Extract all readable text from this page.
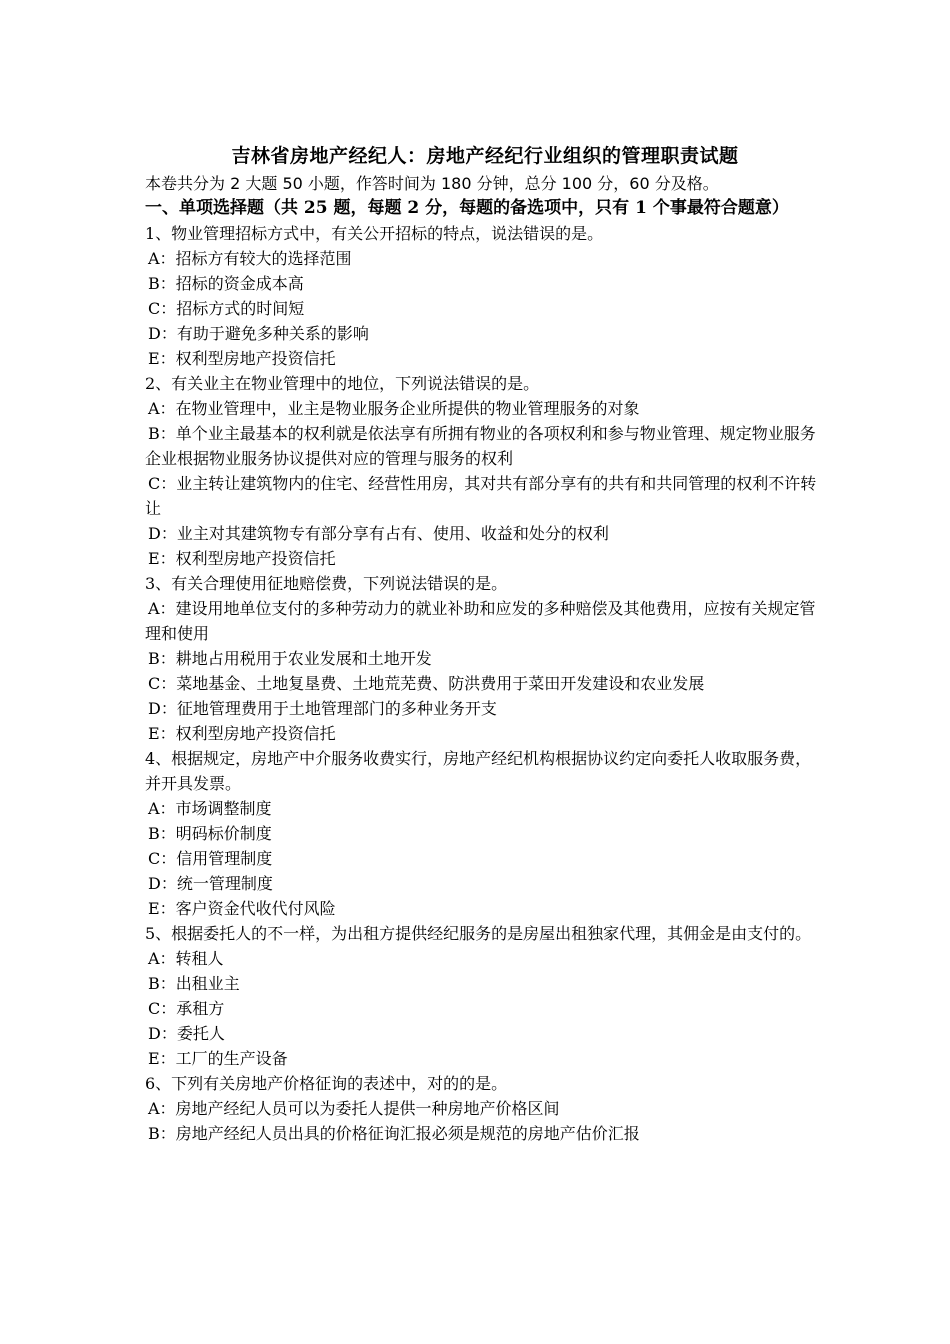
吉林省房地产经纪人：房地产经纪行业组织的管理职责试题
本卷共分为 2 大题 50 小题，作答时间为 180 分钟，总分 100 分，60 分及格。
一、单项选择题（共 25 题，每题 2 分，每题的备选项中，只有 1 个事最符合题意）
1、物业管理招标方式中，有关公开招标的特点，说法错误的是。
A：招标方有较大的选择范围
B：招标的资金成本高
C：招标方式的时间短
D：有助于避免多种关系的影响
E：权利型房地产投资信托
2、有关业主在物业管理中的地位，下列说法错误的是。
A：在物业管理中，业主是物业服务企业所提供的物业管理服务的对象
B：单个业主最基本的权利就是依法享有所拥有物业的各项权利和参与物业管理、规定物业服务企业根据物业服务协议提供对应的管理与服务的权利
C：业主转让建筑物内的住宅、经营性用房，其对共有部分享有的共有和共同管理的权利不许转让
D：业主对其建筑物专有部分享有占有、使用、收益和处分的权利
E：权利型房地产投资信托
3、有关合理使用征地赔偿费，下列说法错误的是。
A：建设用地单位支付的多种劳动力的就业补助和应发的多种赔偿及其他费用，应按有关规定管理和使用
B：耕地占用税用于农业发展和土地开发
C：菜地基金、土地复垦费、土地荒芜费、防洪费用于菜田开发建设和农业发展
D：征地管理费用于土地管理部门的多种业务开支
E：权利型房地产投资信托
4、根据规定，房地产中介服务收费实行，房地产经纪机构根据协议约定向委托人收取服务费，并开具发票。
A：市场调整制度
B：明码标价制度
C：信用管理制度
D：统一管理制度
E：客户资金代收代付风险
5、根据委托人的不一样，为出租方提供经纪服务的是房屋出租独家代理，其佣金是由支付的。
A：转租人
B：出租业主
C：承租方
D：委托人
E：工厂的生产设备
6、下列有关房地产价格征询的表述中，对的的是。
A：房地产经纪人员可以为委托人提供一种房地产价格区间
B：房地产经纪人员出具的价格征询汇报必须是规范的房地产估价汇报
